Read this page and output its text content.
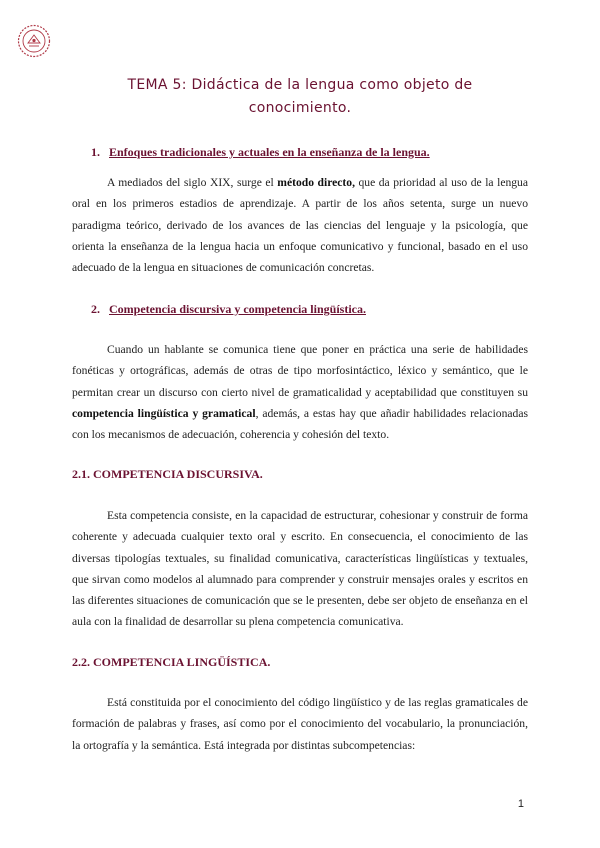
TEMA 5: Didáctica de la lengua como objeto de
conocimiento.
1. Enfoques tradicionales y actuales en la enseñanza de la lengua.

A mediados del siglo XIX, surge el método directo, que da prioridad al uso de la lengua oral en los primeros estadios de aprendizaje. A partir de los años setenta, surge un nuevo paradigma teórico, derivado de los avances de las ciencias del lenguaje y la psicología, que orienta la enseñanza de la lengua hacia un enfoque comunicativo y funcional, basado en el uso adecuado de la lengua en situaciones de comunicación concretas.

2. Competencia discursiva y competencia lingüística.

Cuando un hablante se comunica tiene que poner en práctica una serie de habilidades fonéticas y ortográficas, además de otras de tipo morfosintáctico, léxico y semántico, que le permitan crear un discurso con cierto nivel de gramaticalidad y aceptabilidad que constituyen su competencia lingüística y gramatical, además, a estas hay que añadir habilidades relacionadas con los mecanismos de adecuación, coherencia y cohesión del texto.

2.1. COMPETENCIA DISCURSIVA.

Esta competencia consiste, en la capacidad de estructurar, cohesionar y construir de forma coherente y adecuada cualquier texto oral y escrito. En consecuencia, el conocimiento de las diversas tipologías textuales, su finalidad comunicativa, características lingüísticas y textuales, que sirvan como modelos al alumnado para comprender y construir mensajes orales y escritos en las diferentes situaciones de comunicación que se le presenten, debe ser objeto de enseñanza en el aula con la finalidad de desarrollar su plena competencia comunicativa.

2.2. COMPETENCIA LINGÜÍSTICA.

Está constituida por el conocimiento del código lingüístico y de las reglas gramaticales de formación de palabras y frases, así como por el conocimiento del vocabulario, la pronunciación, la ortografía y la semántica. Está integrada por distintas subcompetencias:

1
